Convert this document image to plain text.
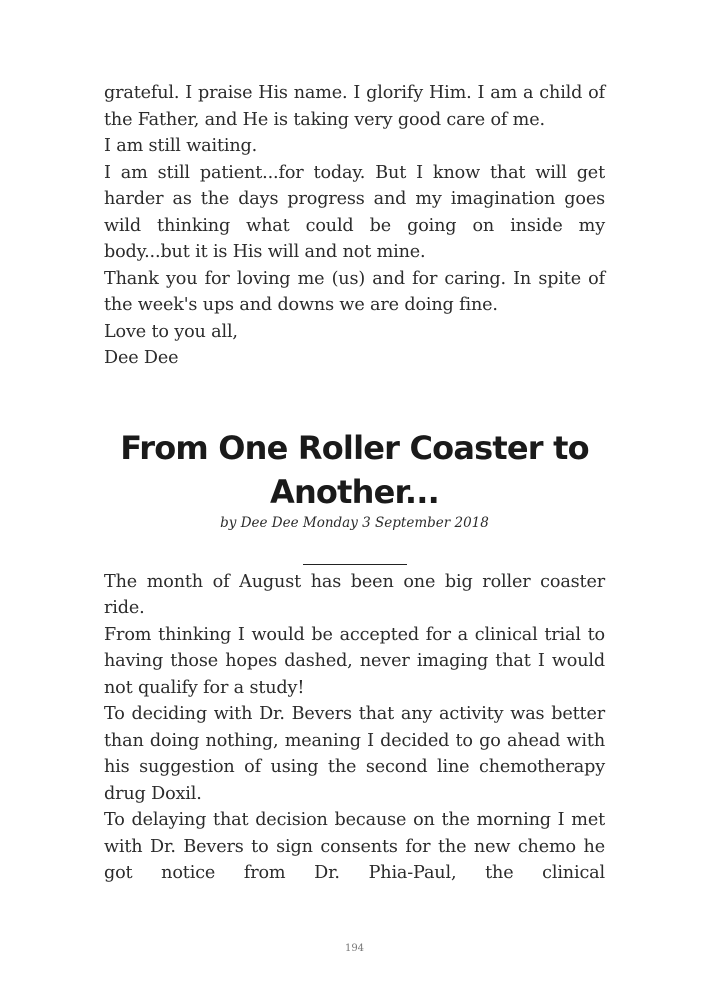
grateful. I praise His name. I glorify Him. I am a child of the Father, and He is taking very good care of me.

I am still waiting.

I am still patient...for today. But I know that will get harder as the days progress and my imagination goes wild thinking what could be going on inside my body...but it is His will and not mine.

Thank you for loving me (us) and for caring. In spite of the week's ups and downs we are doing fine.

Love to you all,

Dee Dee

From One Roller Coaster to Another...

by Dee Dee Monday 3 September 2018

The month of August has been one big roller coaster ride.

From thinking I would be accepted for a clinical trial to having those hopes dashed, never imaging that I would not qualify for a study!

To deciding with Dr. Bevers that any activity was better than doing nothing, meaning I decided to go ahead with his suggestion of using the second line chemotherapy drug Doxil.

To delaying that decision because on the morning I met with Dr. Bevers to sign consents for the new chemo he got notice from Dr. Phia-Paul, the clinical

194
